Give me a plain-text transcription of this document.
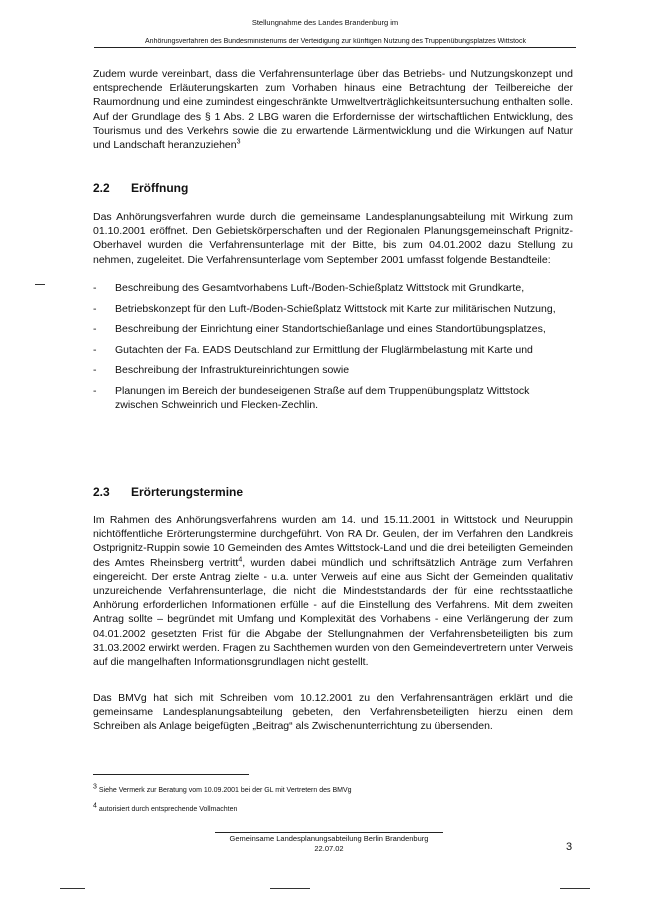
Stellungnahme des Landes Brandenburg im
Anhörungsverfahren des Bundesministeriums der Verteidigung zur künftigen Nutzung des Truppenübungsplatzes Wittstock
Zudem wurde vereinbart, dass die Verfahrensunterlage über das Betriebs- und Nutzungskonzept und entsprechende Erläuterungskarten zum Vorhaben hinaus eine Betrachtung der Teilbereiche der Raumordnung und eine zumindest eingeschränkte Umweltverträglichkeitsuntersuchung enthalten solle. Auf der Grundlage des § 1 Abs. 2 LBG waren die Erfordernisse der wirtschaftlichen Entwicklung, des Tourismus und des Verkehrs sowie die zu erwartende Lärmentwicklung und die Wirkungen auf Natur und Landschaft heranzuziehen$^3$
2.2 Eröffnung
Das Anhörungsverfahren wurde durch die gemeinsame Landesplanungsabteilung mit Wirkung zum 01.10.2001 eröffnet. Den Gebietskörperschaften und der Regionalen Planungsgemeinschaft Prignitz-Oberhavel wurden die Verfahrensunterlage mit der Bitte, bis zum 04.01.2002 dazu Stellung zu nehmen, zugeleitet. Die Verfahrensunterlage vom September 2001 umfasst folgende Bestandteile:
- Beschreibung des Gesamtvorhabens Luft-/Boden-Schießplatz Wittstock mit Grundkarte,
- Betriebskonzept für den Luft-/Boden-Schießplatz Wittstock mit Karte zur militärischen Nutzung,
- Beschreibung der Einrichtung einer Standortschießanlage und eines Standortübungsplatzes,
- Gutachten der Fa. EADS Deutschland zur Ermittlung der Fluglärmbelastung mit Karte und
- Beschreibung der Infrastruktureinrichtungen sowie
- Planungen im Bereich der bundeseigenen Straße auf dem Truppenübungsplatz Wittstock zwischen Schweinrich und Flecken-Zechlin.
2.3 Erörterungstermine
Im Rahmen des Anhörungsverfahrens wurden am 14. und 15.11.2001 in Wittstock und Neuruppin nichtöffentliche Erörterungstermine durchgeführt. Von RA Dr. Geulen, der im Verfahren den Landkreis Ostprignitz-Ruppin sowie 10 Gemeinden des Amtes Wittstock-Land und die drei beteiligten Gemeinden des Amtes Rheinsberg vertritt$^4$, wurden dabei mündlich und schriftsätzlich Anträge zum Verfahren eingereicht. Der erste Antrag zielte - u.a. unter Verweis auf eine aus Sicht der Gemeinden qualitativ unzureichende Verfahrensunterlage, die nicht die Mindeststandards der für eine rechtsstaatliche Anhörung erforderlichen Informationen erfülle - auf die Einstellung des Verfahrens. Mit dem zweiten Antrag sollte – begründet mit Umfang und Komplexität des Vorhabens - eine Verlängerung der zum 04.01.2002 gesetzten Frist für die Abgabe der Stellungnahmen der Verfahrensbeteiligten bis zum 31.03.2002 erwirkt werden. Fragen zu Sachthemen wurden von den Gemeindevertretern unter Verweis auf die mangelhaften Informationsgrundlagen nicht gestellt.
Das BMVg hat sich mit Schreiben vom 10.12.2001 zu den Verfahrensanträgen erklärt und die gemeinsame Landesplanungsabteilung gebeten, den Verfahrensbeteiligten hierzu einen dem Schreiben als Anlage beigefügten „Beitrag“ als Zwischenunterrichtung zu übersenden.
$^3$ Siehe Vermerk zur Beratung vom 10.09.2001 bei der GL mit Vertretern des BMVg
$^4$ autorisiert durch entsprechende Vollmachten
Gemeinsame Landesplanungsabteilung Berlin Brandenburg
22.07.02	3
